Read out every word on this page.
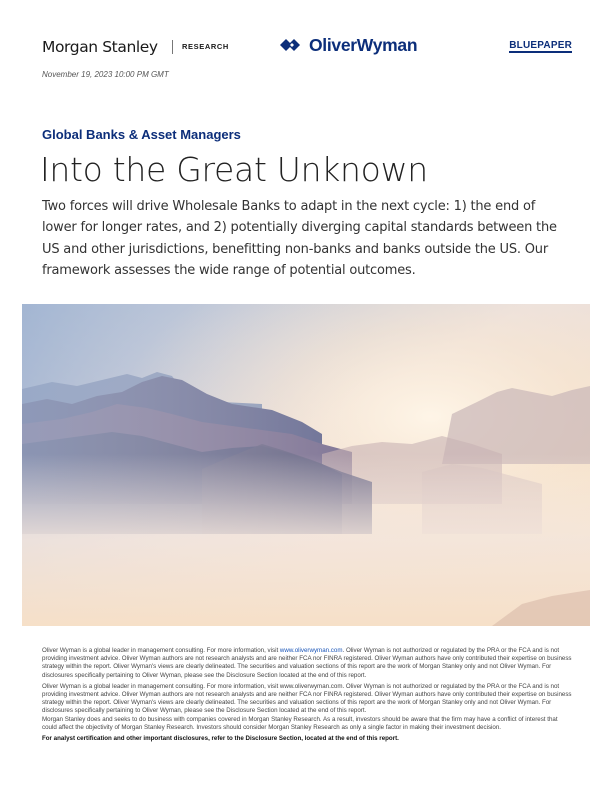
Morgan Stanley	RESEARCH	OliverWyman	BLUEPAPER
November 19, 2023 10:00 PM GMT
Global Banks & Asset Managers
Into the Great Unknown
Two forces will drive Wholesale Banks to adapt in the next cycle: 1) the end of lower for longer rates, and 2) potentially diverging capital standards between the US and other jurisdictions, benefitting non-banks and banks outside the US. Our framework assesses the wide range of potential outcomes.

Oliver Wyman is a global leader in management consulting. For more information, visit www.oliverwyman.com. Oliver Wyman is not authorized or regulated by the PRA or the FCA and is not providing investment advice. Oliver Wyman authors are not research analysts and are neither FCA nor FINRA registered. Oliver Wyman authors have only contributed their expertise on business strategy within the report. Oliver Wyman's views are clearly delineated. The securities and valuation sections of this report are the work of Morgan Stanley only and not Oliver Wyman. For disclosures specifically pertaining to Oliver Wyman, please see the Disclosure Section located at the end of this report.

Oliver Wyman is a global leader in management consulting. For more information, visit www.oliverwyman.com. Oliver Wyman is not authorized or regulated by the PRA or the FCA and is not providing investment advice. Oliver Wyman authors are not research analysts and are neither FCA nor FINRA registered. Oliver Wyman authors have only contributed their expertise on business strategy within the report. Oliver Wyman's views are clearly delineated. The securities and valuation sections of this report are the work of Morgan Stanley only and not Oliver Wyman. For disclosures specifically pertaining to Oliver Wyman, please see the Disclosure Section located at the end of this report.

Morgan Stanley does and seeks to do business with companies covered in Morgan Stanley Research. As a result, investors should be aware that the firm may have a conflict of interest that could affect the objectivity of Morgan Stanley Research. Investors should consider Morgan Stanley Research as only a single factor in making their investment decision.

For analyst certification and other important disclosures, refer to the Disclosure Section, located at the end of this report.
